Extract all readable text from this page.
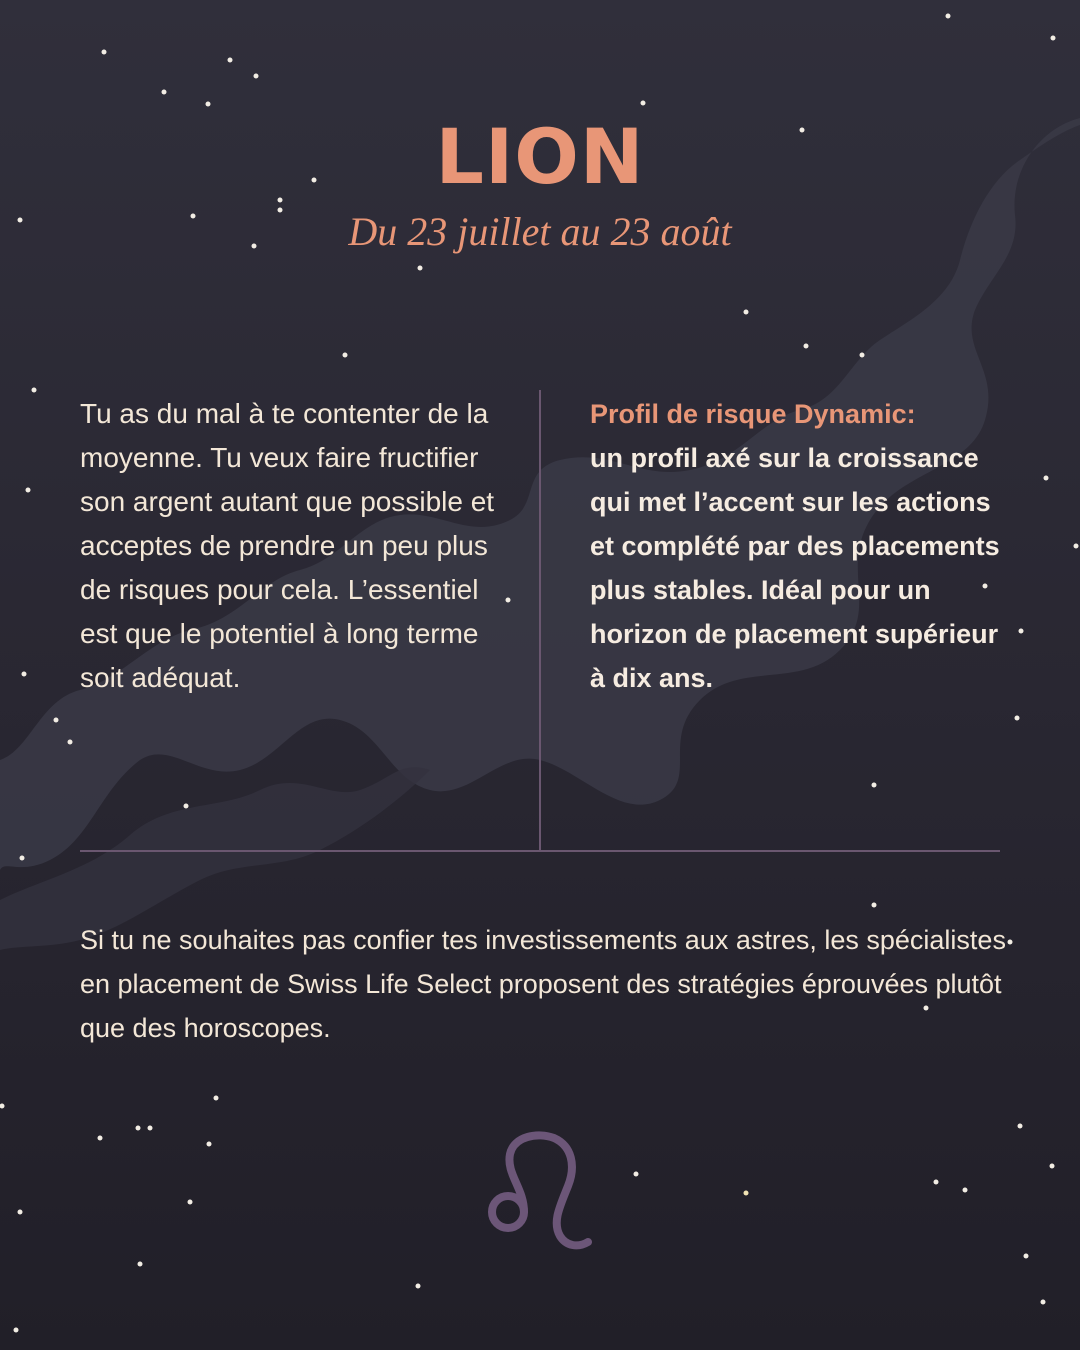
LION

Du 23 juillet au 23 août

Tu as du mal à te contenter de la moyenne. Tu veux faire fructifier son argent autant que possible et acceptes de prendre un peu plus de risques pour cela. L’essentiel est que le potentiel à long terme soit adéquat.

Profil de risque Dynamic:
un profil axé sur la croissance qui met l’accent sur les actions et complété par des placements plus stables. Idéal pour un horizon de placement supérieur à dix ans.

Si tu ne souhaites pas confier tes investissements aux astres, les spécialistes en placement de Swiss Life Select proposent des stratégies éprouvées plutôt que des horoscopes.
